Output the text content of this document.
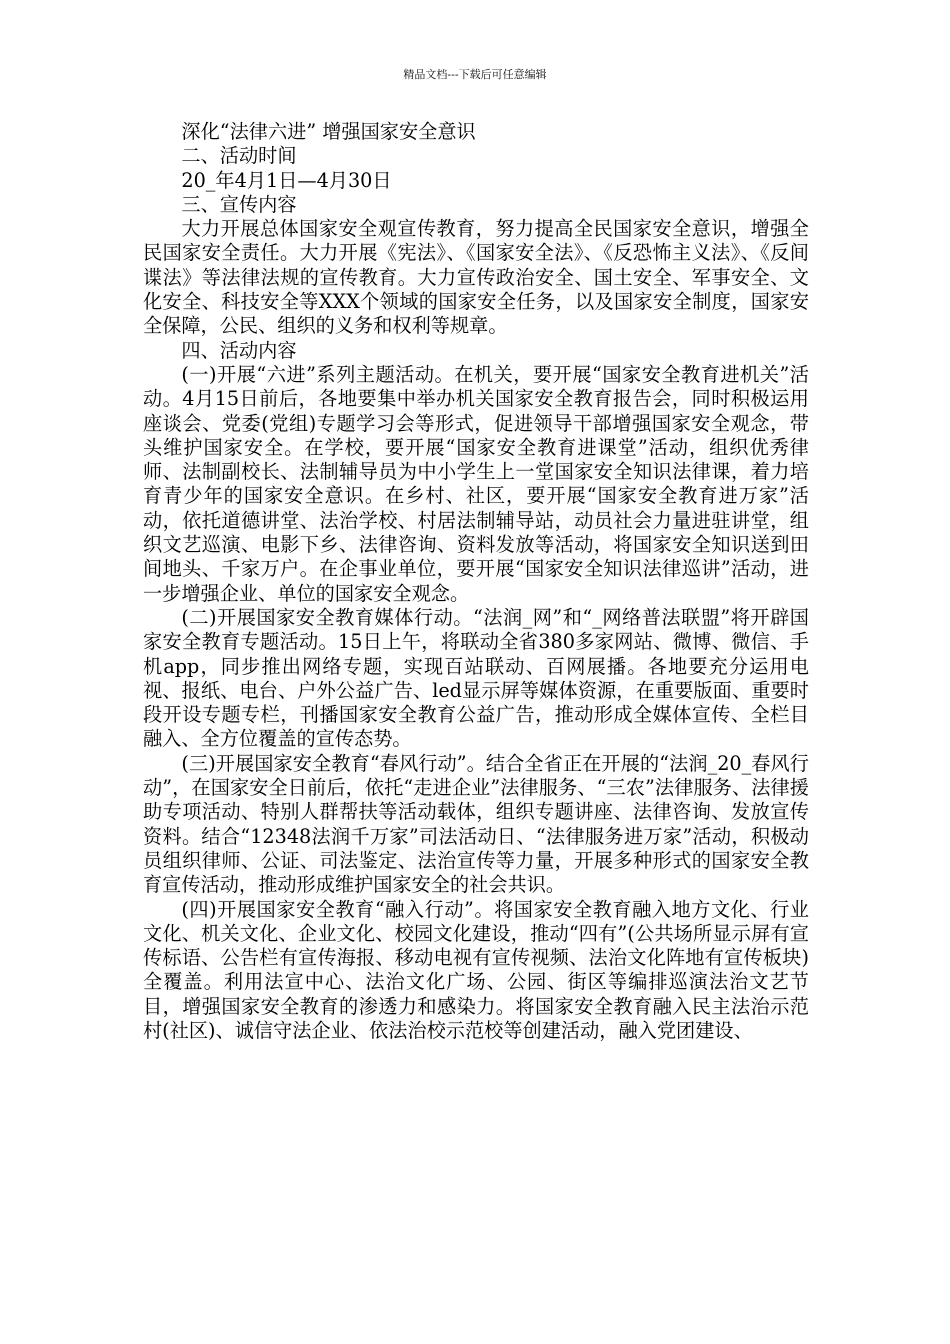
精品文档---下载后可任意编辑

深化“法律六进” 增强国家安全意识

二、活动时间

20_年4月1日—4月30日

三、宣传内容

大力开展总体国家安全观宣传教育，努力提高全民国家安全意识，增强全民国家安全责任。大力开展《宪法》、《国家安全法》、《反恐怖主义法》、《反间谍法》等法律法规的宣传教育。大力宣传政治安全、国土安全、军事安全、文化安全、科技安全等XXX个领域的国家安全任务，以及国家安全制度，国家安全保障，公民、组织的义务和权利等规章。

四、活动内容

(一)开展“六进”系列主题活动。在机关，要开展“国家安全教育进机关”活动。4月15日前后，各地要集中举办机关国家安全教育报告会，同时积极运用座谈会、党委(党组)专题学习会等形式，促进领导干部增强国家安全观念，带头维护国家安全。在学校，要开展“国家安全教育进课堂”活动，组织优秀律师、法制副校长、法制辅导员为中小学生上一堂国家安全知识法律课，着力培育青少年的国家安全意识。在乡村、社区，要开展“国家安全教育进万家”活动，依托道德讲堂、法治学校、村居法制辅导站，动员社会力量进驻讲堂，组织文艺巡演、电影下乡、法律咨询、资料发放等活动，将国家安全知识送到田间地头、千家万户。在企事业单位，要开展“国家安全知识法律巡讲”活动，进一步增强企业、单位的国家安全观念。

(二)开展国家安全教育媒体行动。“法润_网”和“_网络普法联盟”将开辟国家安全教育专题活动。15日上午，将联动全省380多家网站、微博、微信、手机app，同步推出网络专题，实现百站联动、百网展播。各地要充分运用电视、报纸、电台、户外公益广告、led显示屏等媒体资源，在重要版面、重要时段开设专题专栏，刊播国家安全教育公益广告，推动形成全媒体宣传、全栏目融入、全方位覆盖的宣传态势。

(三)开展国家安全教育“春风行动”。结合全省正在开展的“法润_20_春风行动”，在国家安全日前后，依托“走进企业”法律服务、“三农”法律服务、法律援助专项活动、特别人群帮扶等活动载体，组织专题讲座、法律咨询、发放宣传资料。结合“12348法润千万家”司法活动日、“法律服务进万家”活动，积极动员组织律师、公证、司法鉴定、法治宣传等力量，开展多种形式的国家安全教育宣传活动，推动形成维护国家安全的社会共识。

(四)开展国家安全教育“融入行动”。将国家安全教育融入地方文化、行业文化、机关文化、企业文化、校园文化建设，推动“四有”(公共场所显示屏有宣传标语、公告栏有宣传海报、移动电视有宣传视频、法治文化阵地有宣传板块)全覆盖。利用法宣中心、法治文化广场、公园、街区等编排巡演法治文艺节目，增强国家安全教育的渗透力和感染力。将国家安全教育融入民主法治示范村(社区)、诚信守法企业、依法治校示范校等创建活动，融入党团建设、
